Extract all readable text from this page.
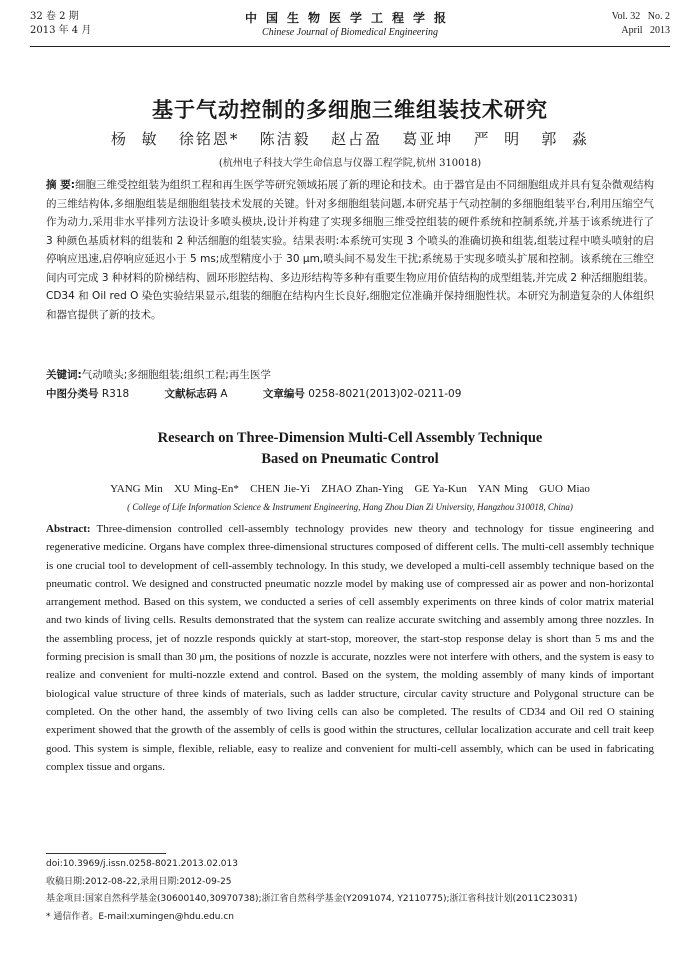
32 卷 2 期
2013 年 4 月
中国生物医学工程学报
Chinese Journal of Biomedical Engineering
Vol. 32   No. 2
April   2013
基于气动控制的多细胞三维组装技术研究
杨  敏   徐铭恩*   陈洁毅   赵占盈   葛亚坤   严  明   郭  淼
(杭州电子科技大学生命信息与仪器工程学院,杭州 310018)
摘 要:细胞三维受控组装为组织工程和再生医学等研究领域拓展了新的理论和技术。由于器官是由不同细胞组成并具有复杂微观结构的三维结构体,多细胞组装是细胞组装技术发展的关键。针对多细胞组装问题,本研究基于气动控制的多细胞组装平台,利用压缩空气作为动力,采用非水平排列方法设计多喷头模块,设计并构建了实现多细胞三维受控组装的硬件系统和控制系统,并基于该系统进行了 3 种颜色基质材料的组装和 2 种活细胞的组装实验。结果表明:本系统可实现 3 个喷头的准确切换和组装,组装过程中喷头喷射的启停响应迅速,启停响应延迟小于 5 ms;成型精度小于 30 μm,喷头间不易发生干扰;系统易于实现多喷头扩展和控制。该系统在三维空间内可完成 3 种材料的阶梯结构、圆环形腔结构、多边形结构等多种有重要生物应用价值结构的成型组装,并完成 2 种活细胞组装。CD34 和 Oil red O 染色实验结果显示,组装的细胞在结构内生长良好,细胞定位准确并保持细胞性状。本研究为制造复杂的人体组织和器官提供了新的技术。
关键词:气动喷头;多细胞组装;组织工程;再生医学
中图分类号 R318	文献标志码 A	文章编号 0258-8021(2013)02-0211-09
Research on Three-Dimension Multi-Cell Assembly Technique
Based on Pneumatic Control
YANG Min   XU Ming-En*   CHEN Jie-Yi   ZHAO Zhan-Ying   GE Ya-Kun   YAN Ming   GUO Miao
( College of Life Information Science & Instrument Engineering, Hang Zhou Dian Zi University, Hangzhou 310018, China)
Abstract: Three-dimension controlled cell-assembly technology provides new theory and technology for tissue engineering and regenerative medicine. Organs have complex three-dimensional structures composed of different cells. The multi-cell assembly technique is one crucial tool to development of cell-assembly technology. In this study, we developed a multi-cell assembly technique based on the pneumatic control. We designed and constructed pneumatic nozzle model by making use of compressed air as power and non-horizontal arrangement method. Based on this system, we conducted a series of cell assembly experiments on three kinds of color matrix material and two kinds of living cells. Results demonstrated that the system can realize accurate switching and assembly among three nozzles. In the assembling process, jet of nozzle responds quickly at start-stop, moreover, the start-stop response delay is short than 5 ms and the forming precision is small than 30 μm, the positions of nozzle is accurate, nozzles were not interfere with others, and the system is easy to realize and convenient for multi-nozzle extend and control. Based on the system, the molding assembly of many kinds of important biological value structure of three kinds of materials, such as ladder structure, circular cavity structure and Polygonal structure can be completed. On the other hand, the assembly of two living cells can also be completed. The results of CD34 and Oil red O staining experiment showed that the growth of the assembly of cells is good within the structures, cellular localization accurate and cell trait keep good. This system is simple, flexible, reliable, easy to realize and convenient for multi-cell assembly, which can be used in fabricating complex tissue and organs.
doi:10.3969/j.issn.0258-8021.2013.02.013
收稿日期:2012-08-22,录用日期:2012-09-25
基金项目:国家自然科学基金(30600140,30970738);浙江省自然科学基金(Y2091074, Y2110775);浙江省科技计划(2011C23031)
* 通信作者。E-mail:xumingen@hdu.edu.cn
